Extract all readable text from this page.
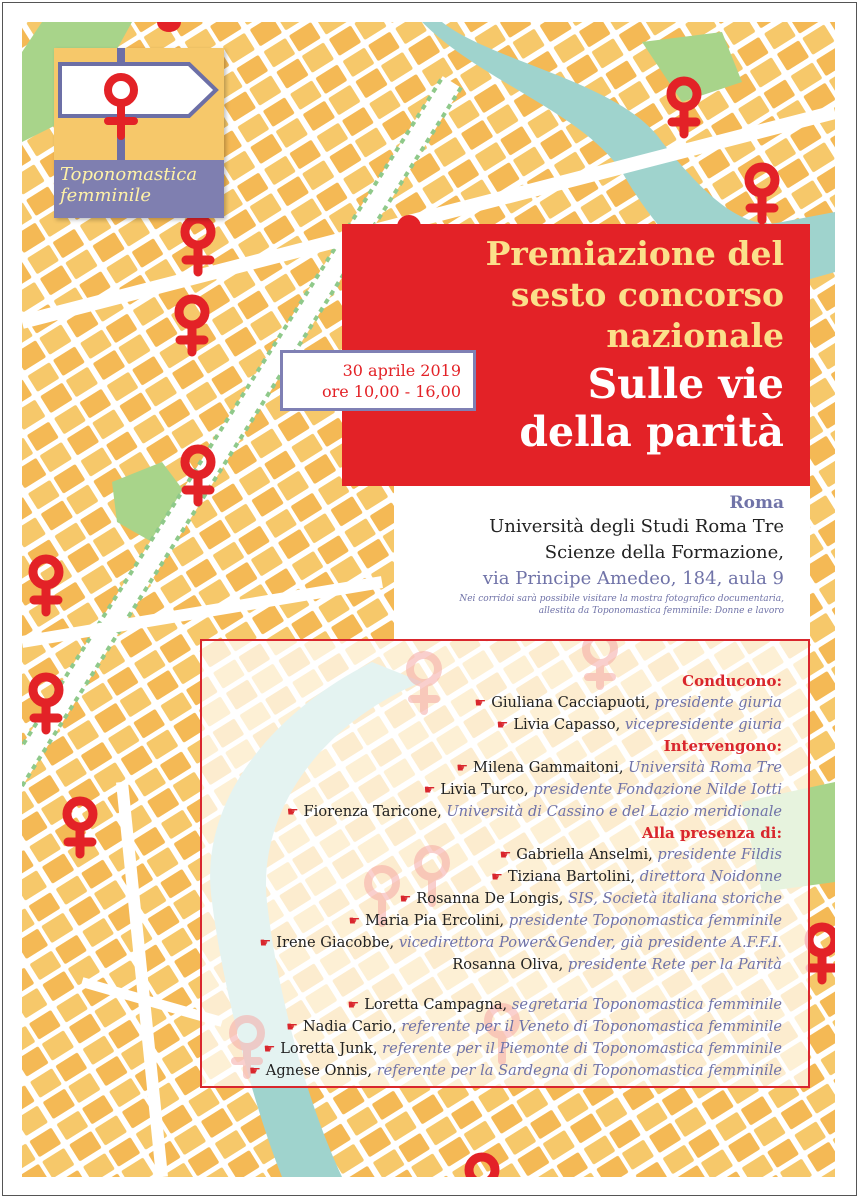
Toponomastica
femminile
Premiazione del
sesto concorso
nazionale
Sulle vie
della parità
30 aprile 2019
ore 10,00 - 16,00
Roma
Università degli Studi Roma Tre
Scienze della Formazione,
via Principe Amedeo, 184, aula 9
Nei corridoi sarà possibile visitare la mostra fotografico documentaria,
allestita da Toponomastica femminile: Donne e lavoro
Conducono:
☛ Giuliana Cacciapuoti, presidente giuria
☛ Livia Capasso, vicepresidente giuria
Intervengono:
☛ Milena Gammaitoni, Università Roma Tre
☛ Livia Turco, presidente Fondazione Nilde Iotti
☛ Fiorenza Taricone, Università di Cassino e del Lazio meridionale
Alla presenza di:
☛ Gabriella Anselmi, presidente Fildis
☛ Tiziana Bartolini, direttora Noidonne
☛ Rosanna De Longis, SIS, Società italiana storiche
☛ Maria Pia Ercolini, presidente Toponomastica femminile
☛ Irene Giacobbe, vicedirettora Power&Gender, già presidente A.F.F.I.
Rosanna Oliva, presidente Rete per la Parità
☛ Loretta Campagna, segretaria Toponomastica femminile
☛ Nadia Cario, referente per il Veneto di Toponomastica femminile
☛ Loretta Junk, referente per il Piemonte di Toponomastica femminile
☛ Agnese Onnis, referente per la Sardegna di Toponomastica femminile
